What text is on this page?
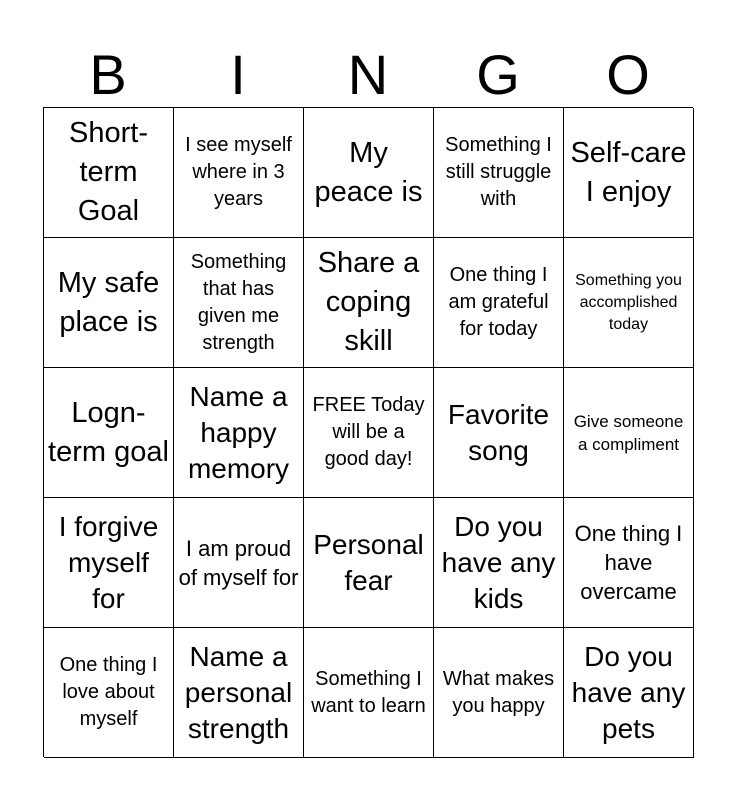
B	I	N	G	O
Short-term Goal
I see myself where in 3 years
My peace is
Something I still struggle with
Self-care I enjoy
My safe place is
Something that has given me strength
Share a coping skill
One thing I am grateful for today
Something you accomplished today
Logn-term goal
Name a happy memory
FREE Today will be a good day!
Favorite song
Give someone a compliment
I forgive myself for
I am proud of myself for
Personal fear
Do you have any kids
One thing I have overcame
One thing I love about myself
Name a personal strength
Something I want to learn
What makes you happy
Do you have any pets
